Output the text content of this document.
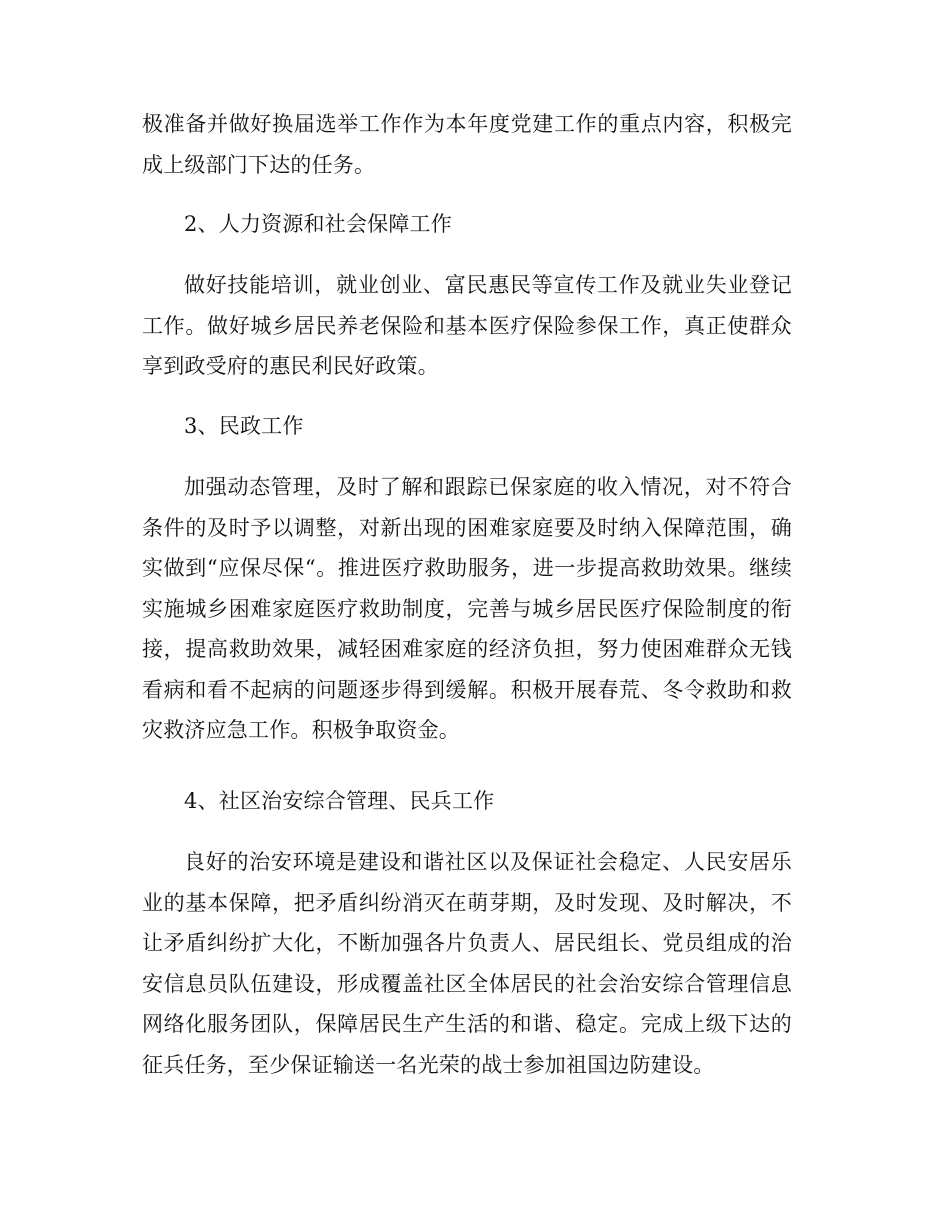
极准备并做好换届选举工作作为本年度党建工作的重点内容，积极完成上级部门下达的任务。

2、人力资源和社会保障工作

做好技能培训，就业创业、富民惠民等宣传工作及就业失业登记工作。做好城乡居民养老保险和基本医疗保险参保工作，真正使群众享到政受府的惠民利民好政策。

3、民政工作

加强动态管理，及时了解和跟踪已保家庭的收入情况，对不符合条件的及时予以调整，对新出现的困难家庭要及时纳入保障范围，确实做到“应保尽保“。推进医疗救助服务，进一步提高救助效果。继续实施城乡困难家庭医疗救助制度，完善与城乡居民医疗保险制度的衔接，提高救助效果，减轻困难家庭的经济负担，努力使困难群众无钱看病和看不起病的问题逐步得到缓解。积极开展春荒、冬令救助和救灾救济应急工作。积极争取资金。

4、社区治安综合管理、民兵工作

良好的治安环境是建设和谐社区以及保证社会稳定、人民安居乐业的基本保障，把矛盾纠纷消灭在萌芽期，及时发现、及时解决，不让矛盾纠纷扩大化，不断加强各片负责人、居民组长、党员组成的治安信息员队伍建设，形成覆盖社区全体居民的社会治安综合管理信息网络化服务团队，保障居民生产生活的和谐、稳定。完成上级下达的征兵任务，至少保证输送一名光荣的战士参加祖国边防建设。
